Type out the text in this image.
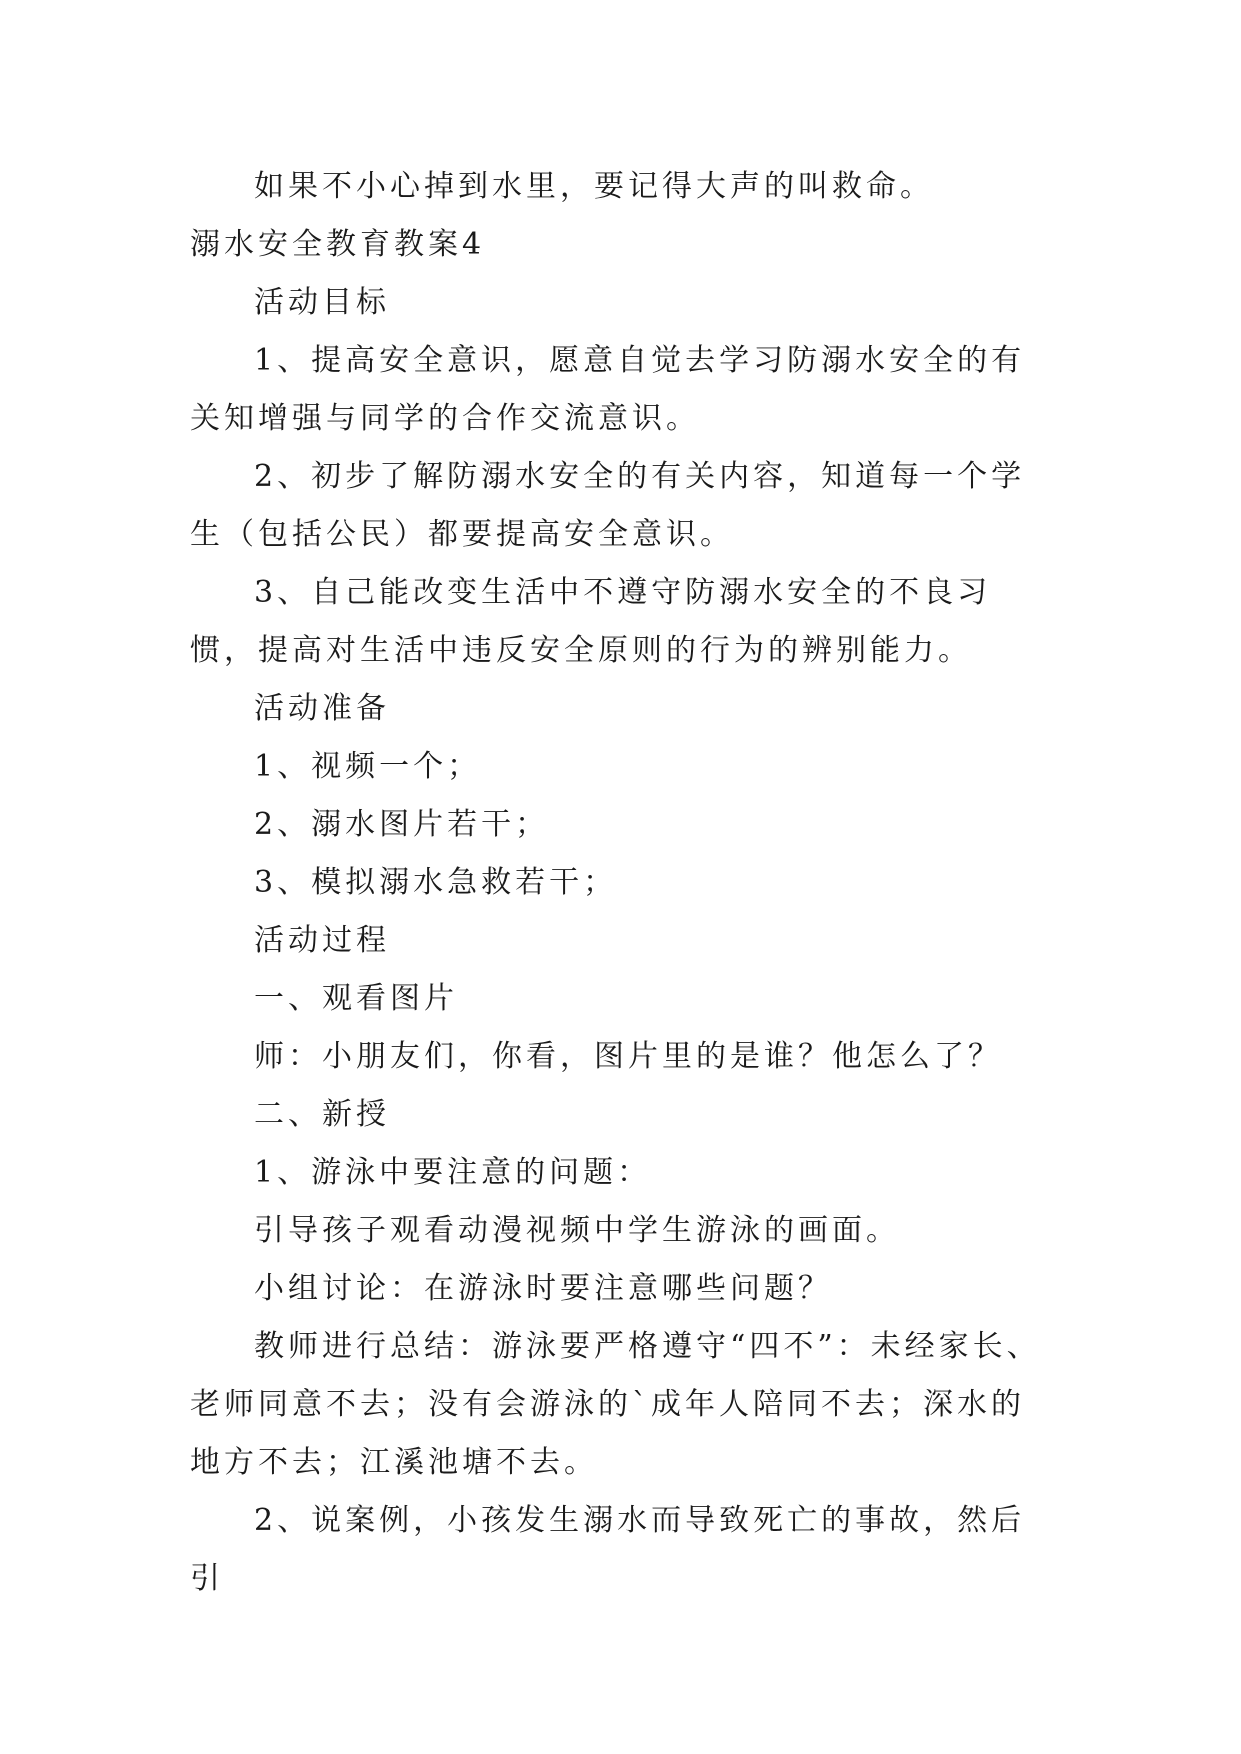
如果不小心掉到水里，要记得大声的叫救命。

溺水安全教育教案4

活动目标

1、提高安全意识，愿意自觉去学习防溺水安全的有关知增强与同学的合作交流意识。

2、初步了解防溺水安全的有关内容，知道每一个学生（包括公民）都要提高安全意识。

3、自己能改变生活中不遵守防溺水安全的不良习惯，提高对生活中违反安全原则的行为的辨别能力。

活动准备

1、视频一个；

2、溺水图片若干；

3、模拟溺水急救若干；

活动过程

一、观看图片

师：小朋友们，你看，图片里的是谁？他怎么了？

二、新授

1、游泳中要注意的问题：

引导孩子观看动漫视频中学生游泳的画面。

小组讨论：在游泳时要注意哪些问题？

教师进行总结：游泳要严格遵守“四不”：未经家长、老师同意不去；没有会游泳的`成年人陪同不去；深水的地方不去；江溪池塘不去。

2、说案例，小孩发生溺水而导致死亡的事故，然后引
